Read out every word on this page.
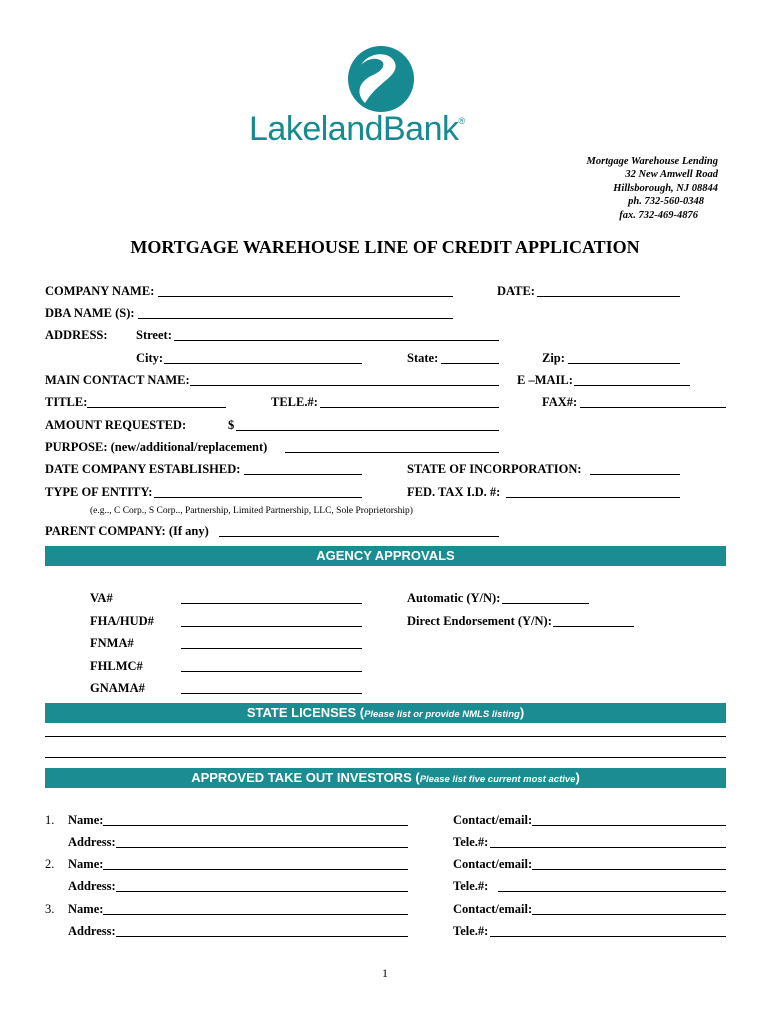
LakelandBank®
Mortgage Warehouse Lending
32 New Amwell Road
Hillsborough, NJ 08844
ph. 732-560-0348
fax. 732-469-4876
MORTGAGE WAREHOUSE LINE OF CREDIT APPLICATION
COMPANY NAME:	DATE:
DBA NAME (S):
ADDRESS: Street:
City:	State:	Zip:
MAIN CONTACT NAME:	E –MAIL:
TITLE:	TELE.#:	FAX#:
AMOUNT REQUESTED:	$
PURPOSE: (new/additional/replacement)
DATE COMPANY ESTABLISHED:	STATE OF INCORPORATION:
TYPE OF ENTITY:	FED. TAX I.D. #:
(e.g.., C Corp., S Corp.., Partnership, Limited Partnership, LLC, Sole Proprietorship)
PARENT COMPANY: (If any)
AGENCY APPROVALS
VA#	Automatic (Y/N):
FHA/HUD#	Direct Endorsement (Y/N):
FNMA#
FHLMC#
GNAMA#
STATE LICENSES (Please list or provide NMLS listing)
APPROVED TAKE OUT INVESTORS (Please list five current most active)
1. Name:	Contact/email:
Address:	Tele.#:
2. Name:	Contact/email:
Address:	Tele.#:
3. Name:	Contact/email:
Address:	Tele.#:
1
